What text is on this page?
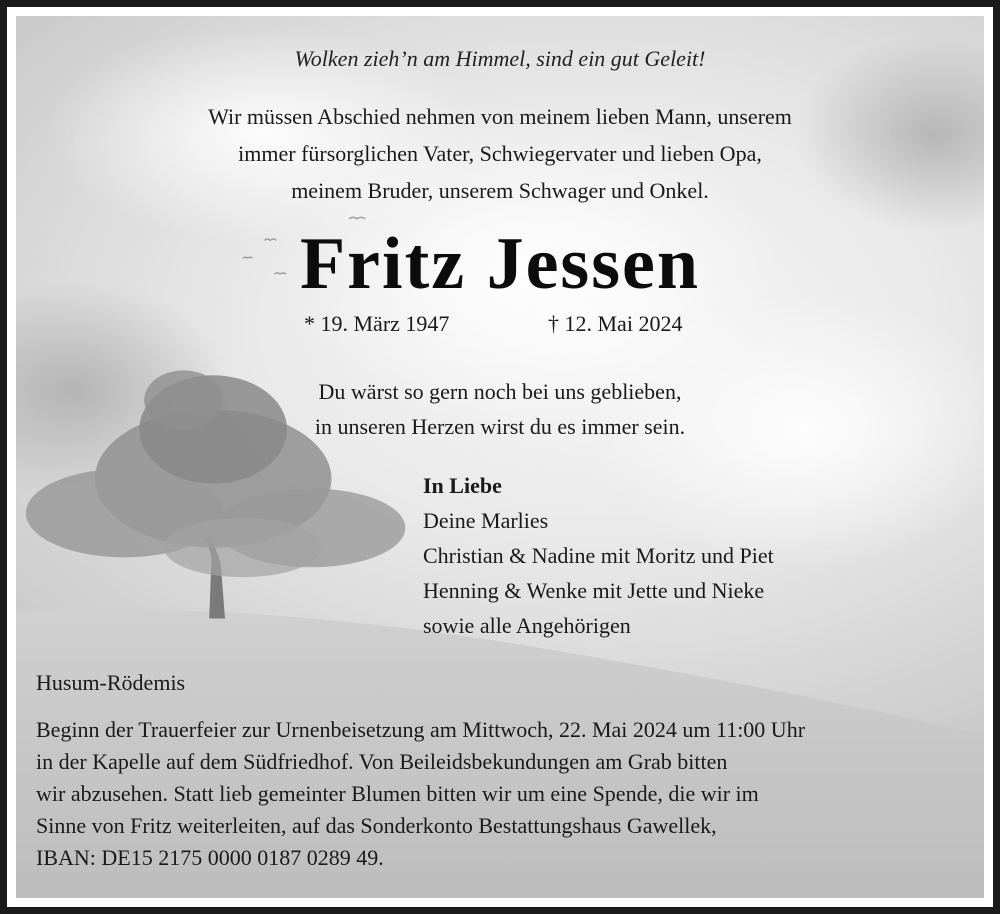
Wolken zieh’n am Himmel, sind ein gut Geleit!
Wir müssen Abschied nehmen von meinem lieben Mann, unserem
immer fürsorglichen Vater, Schwiegervater und lieben Opa,
meinem Bruder, unserem Schwager und Onkel.
Fritz Jessen
* 19. März 1947	† 12. Mai 2024
Du wärst so gern noch bei uns geblieben,
in unseren Herzen wirst du es immer sein.
In Liebe
Deine Marlies
Christian & Nadine mit Moritz und Piet
Henning & Wenke mit Jette und Nieke
sowie alle Angehörigen
Husum-Rödemis
Beginn der Trauerfeier zur Urnenbeisetzung am Mittwoch, 22. Mai 2024 um 11:00 Uhr
in der Kapelle auf dem Südfriedhof. Von Beileidsbekundungen am Grab bitten
wir abzusehen. Statt lieb gemeinter Blumen bitten wir um eine Spende, die wir im
Sinne von Fritz weiterleiten, auf das Sonderkonto Bestattungshaus Gawellek,
IBAN: DE15 2175 0000 0187 0289 49.
